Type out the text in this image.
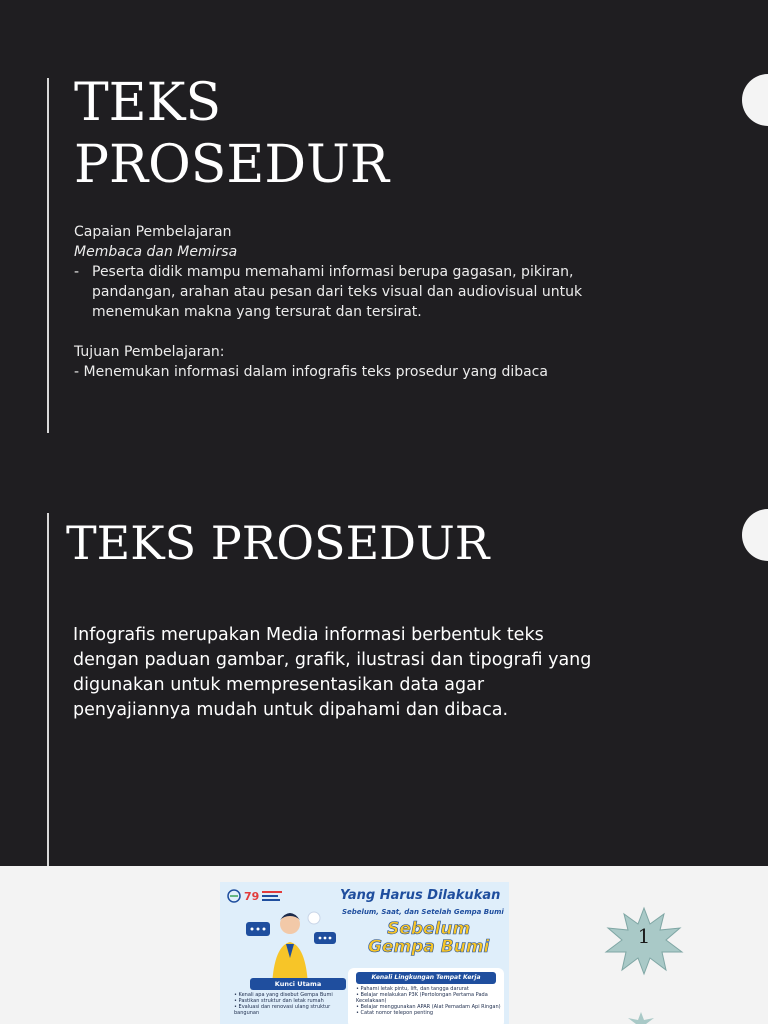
TEKS
PROSEDUR

Capaian Pembelajaran

Membaca dan Memirsa

- Peserta didik mampu memahami informasi berupa gagasan, pikiran, pandangan, arahan atau pesan dari teks visual dan audiovisual untuk menemukan makna yang tersurat dan tersirat.

Tujuan Pembelajaran:

- Menemukan informasi dalam infografis teks prosedur yang dibaca

TEKS PROSEDUR

Infografis merupakan Media informasi berbentuk teks dengan paduan gambar, grafik, ilustrasi dan tipografi yang digunakan untuk mempresentasikan data agar penyajiannya mudah untuk dipahami dan dibaca.

79	Yang Harus Dilakukan
Sebelum, Saat, dan Setelah Gempa Bumi
Sebelum
Gempa Bumi
Kunci Utama
• Kenali apa yang disebut Gempa Bumi
• Pastikan struktur dan letak rumah
• Evaluasi dan renovasi ulang struktur bangunan
Kenali Lingkungan Tempat Kerja
• Pahami letak pintu, lift, dan tangga darurat
• Belajar melakukan P3K (Pertolongan Pertama Pada Kecelakaan)
• Belajar menggunakan APAR (Alat Pemadam Api Ringan)
• Catat nomor telepon penting
1
